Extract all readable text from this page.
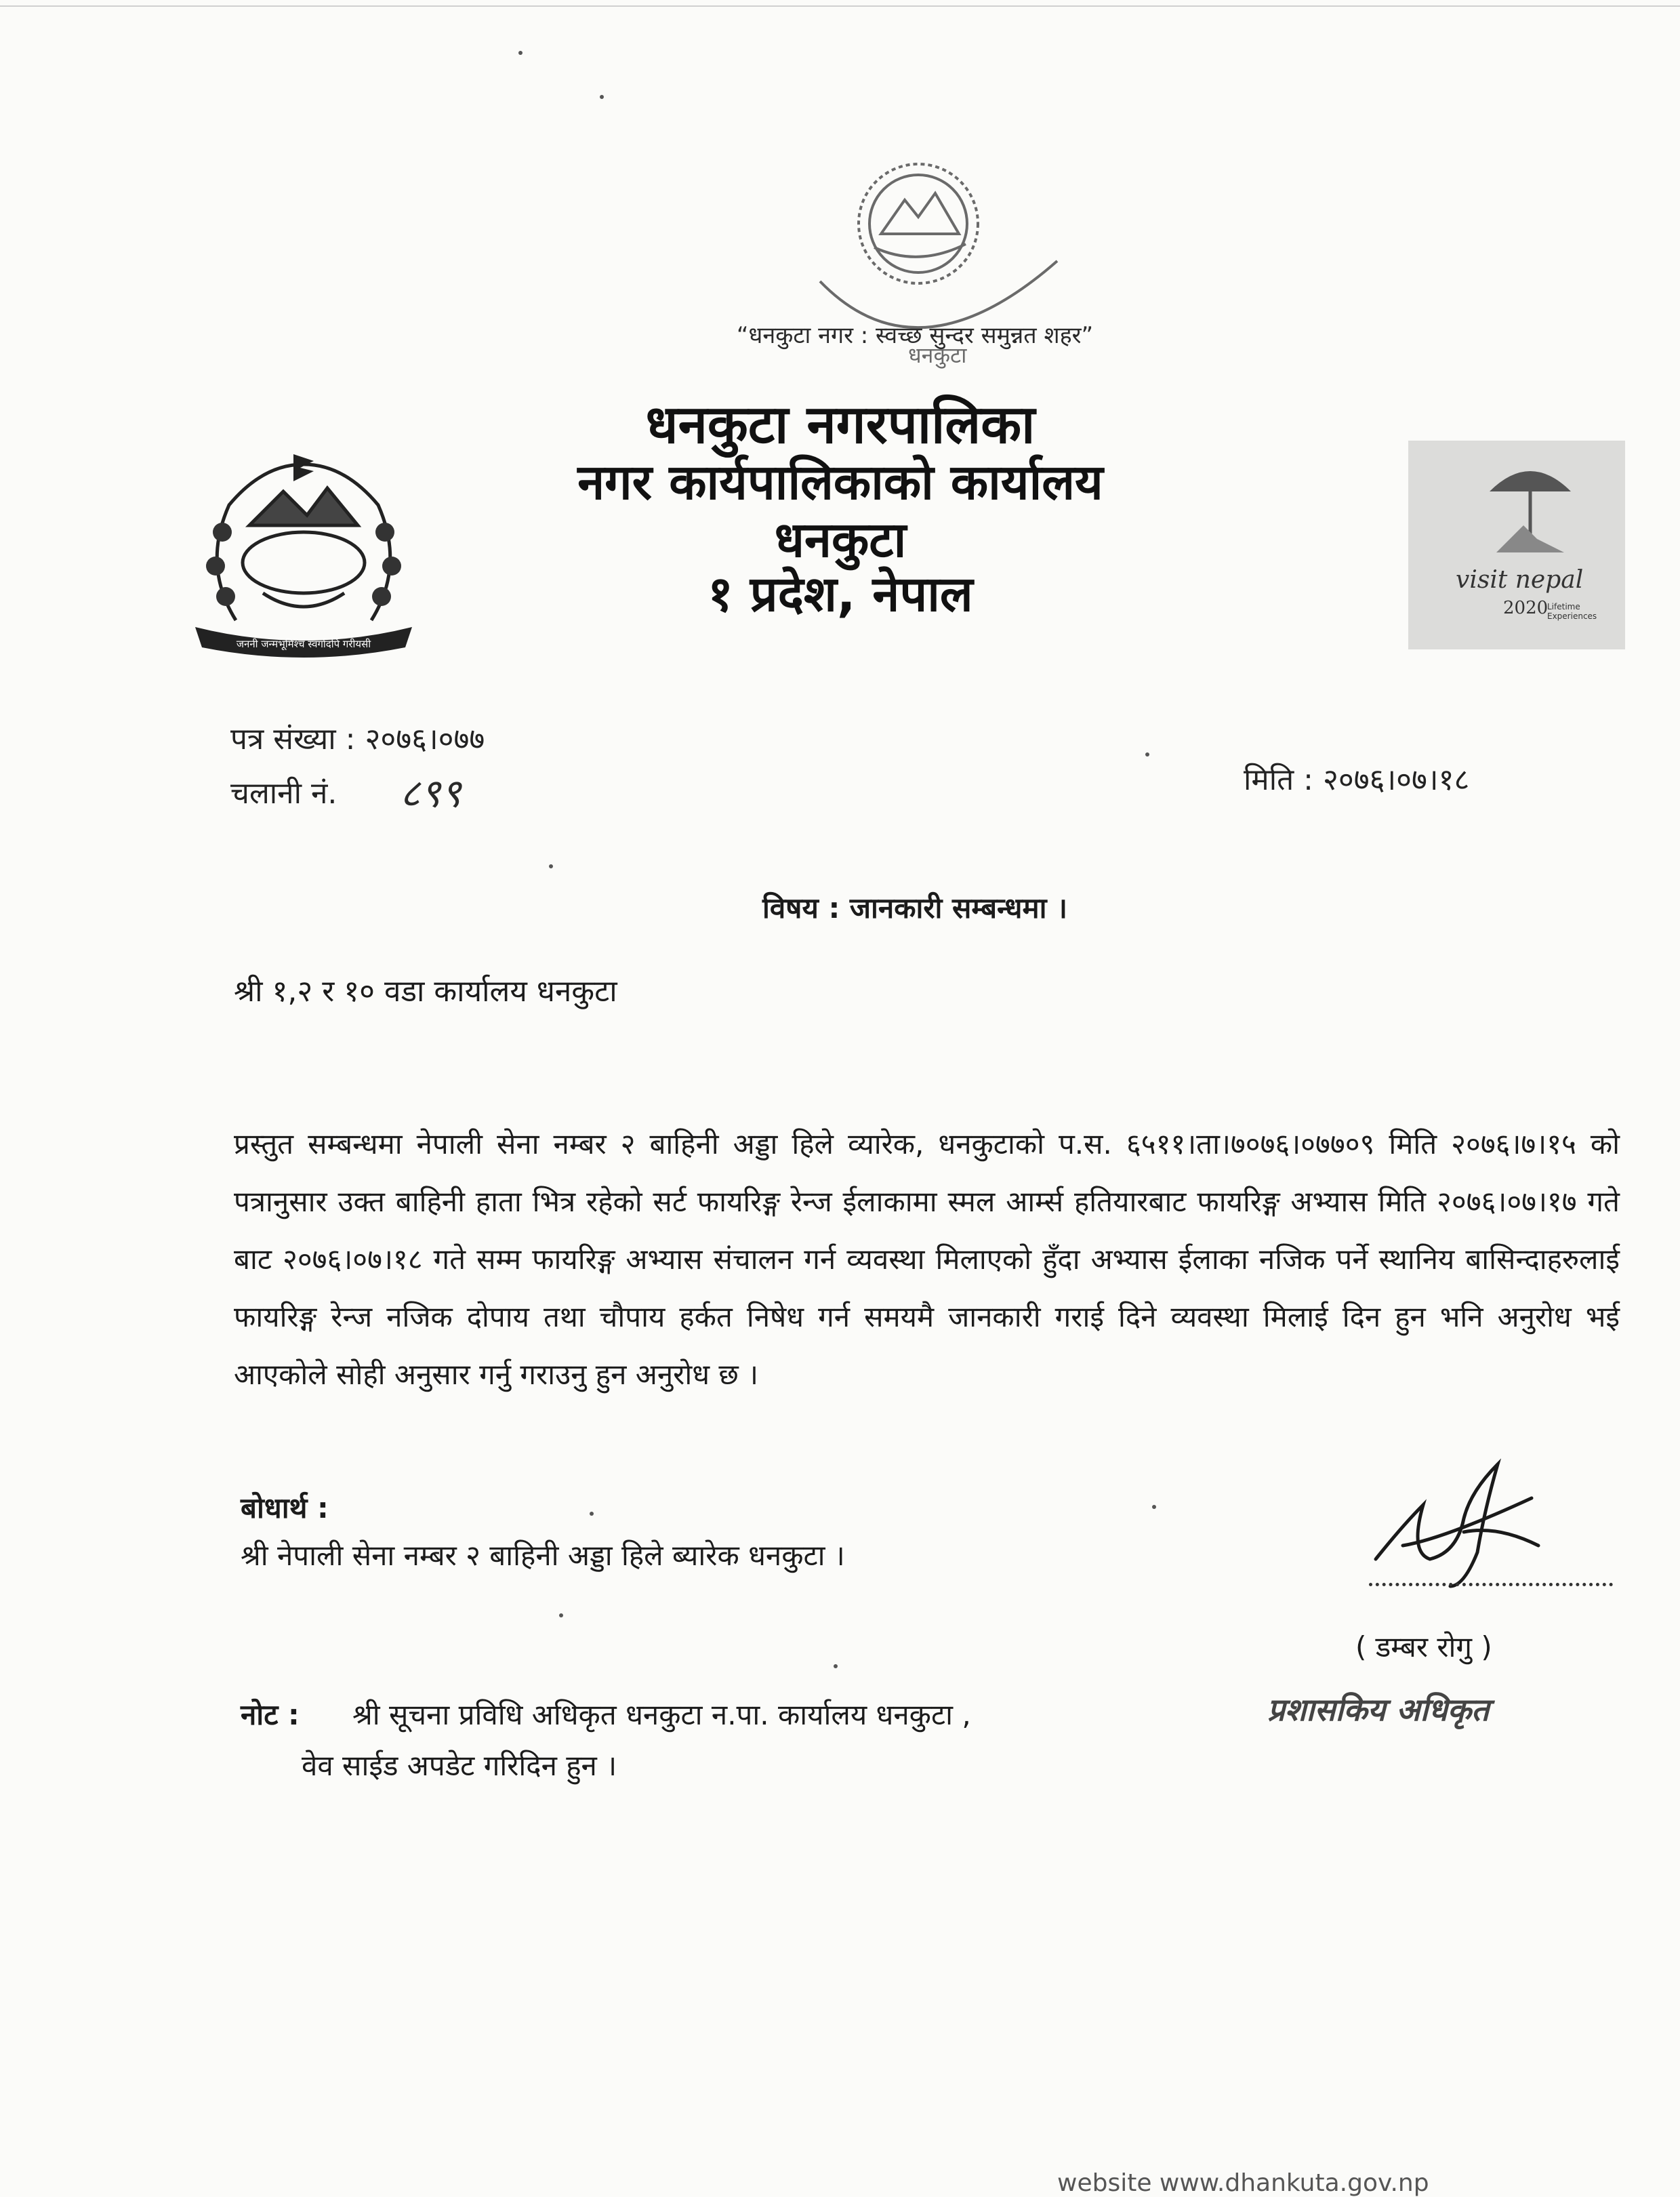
धनकुटा
“धनकुटा नगर : स्वच्छ सुन्दर समुन्नत शहर”
जननी जन्मभूमिश्च स्वर्गादपि गरीयसी
धनकुटा नगरपालिका
नगर कार्यपालिकाको कार्यालय
धनकुटा
१ प्रदेश, नेपाल	visit nepal
2020
Lifetime Experiences
पत्र संख्या : २०७६।०७७
चलानी नं. ८९९	मिति : २०७६।०७।१८
विषय : जानकारी सम्बन्धमा ।
श्री १,२ र १० वडा कार्यालय धनकुटा
प्रस्तुत सम्बन्धमा नेपाली सेना नम्बर २ बाहिनी अड्डा हिले व्यारेक, धनकुटाको प.स. ६५११।ता।७०७६।०७७०९ मिति २०७६।७।१५ को पत्रानुसार उक्त बाहिनी हाता भित्र रहेको सर्ट फायरिङ्ग रेन्ज ईलाकामा स्मल आर्म्स हतियारबाट फायरिङ्ग अभ्यास मिति २०७६।०७।१७ गते बाट २०७६।०७।१८ गते सम्म फायरिङ्ग अभ्यास संचालन गर्न व्यवस्था मिलाएको हुँदा अभ्यास ईलाका नजिक पर्ने स्थानिय बासिन्दाहरुलाई फायरिङ्ग रेन्ज नजिक दोपाय तथा चौपाय हर्कत निषेध गर्न समयमै जानकारी गराई दिने व्यवस्था मिलाई दिन हुन भनि अनुरोध भई आएकोले सोही अनुसार गर्नु गराउनु हुन अनुरोध छ ।
बोधार्थ :
श्री नेपाली सेना नम्बर २ बाहिनी अड्डा हिले ब्यारेक धनकुटा ।
( डम्बर रोगु )
प्रशासकिय अधिकृत
नोट : श्री सूचना प्रविधि अधिकृत धनकुटा न.पा. कार्यालय धनकुटा ,
वेव साईड अपडेट गरिदिन हुन ।
website www.dhankuta.gov.np
